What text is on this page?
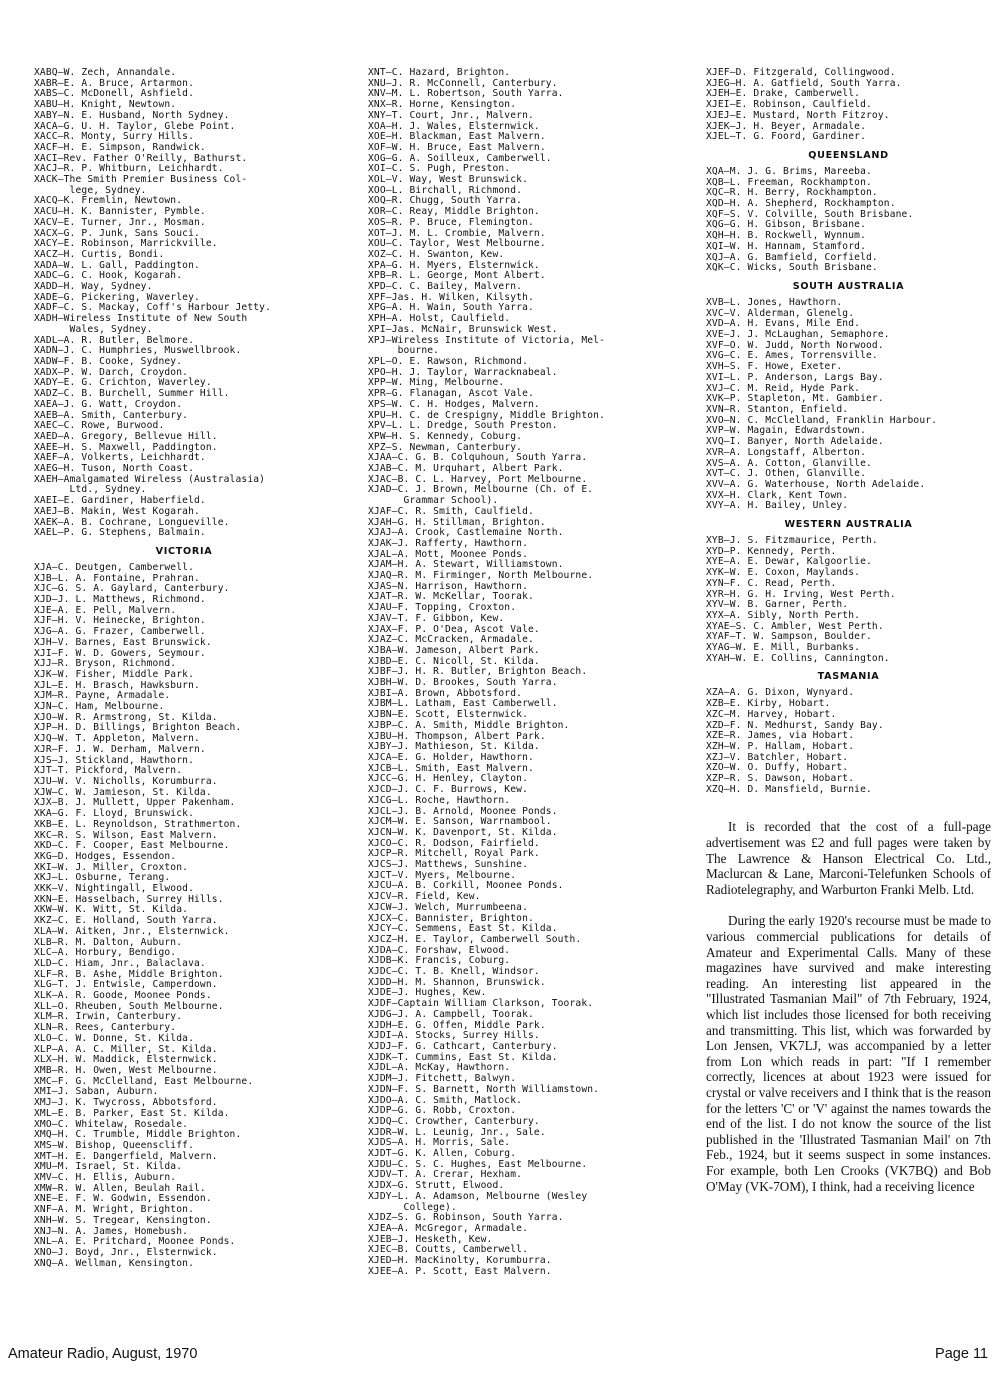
XABQ—W. Zech, Annandale.
XABR—E. A. Bruce, Artarmon.
XABS—C. McDonell, Ashfield.
XABU—H. Knight, Newtown.
XABY—N. E. Husband, North Sydney.
XACA—G. U. H. Taylor, Glebe Point.
XACC—R. Monty, Surry Hills.
XACF—H. E. Simpson, Randwick.
XACI—Rev. Father O'Reilly, Bathurst.
XACJ—R. P. Whitburn, Leichhardt.
XACK—The Smith Premier Business Col-
lege, Sydney.
XACQ—K. Fremlin, Newtown.
XACU—H. K. Bannister, Pymble.
XACV—E. Turner, Jnr., Mosman.
XACX—G. P. Junk, Sans Souci.
XACY—E. Robinson, Marrickville.
XACZ—H. Curtis, Bondi.
XADA—W. L. Gall, Paddington.
XADC—G. C. Hook, Kogarah.
XADD—H. Way, Sydney.
XADE—G. Pickering, Waverley.
XADF—C. S. Mackay, Coff's Harbour Jetty.
XADH—Wireless Institute of New South
Wales, Sydney.
XADL—A. R. Butler, Belmore.
XADN—J. C. Humphries, Muswellbrook.
XADW—F. B. Cooke, Sydney.
XADX—P. W. Darch, Croydon.
XADY—E. G. Crichton, Waverley.
XADZ—C. B. Burchell, Summer Hill.
XAEA—J. G. Watt, Croydon.
XAEB—A. Smith, Canterbury.
XAEC—C. Rowe, Burwood.
XAED—A. Gregory, Bellevue Hill.
XAEE—H. S. Maxwell, Paddington.
XAEF—A. Volkerts, Leichhardt.
XAEG—H. Tuson, North Coast.
XAEH—Amalgamated Wireless (Australasia)
Ltd., Sydney.
XAEI—E. Gardiner, Haberfield.
XAEJ—B. Makin, West Kogarah.
XAEK—A. B. Cochrane, Longueville.
XAEL—P. G. Stephens, Balmain.
VICTORIA
XJA—C. Deutgen, Camberwell.
XJB—L. A. Fontaine, Prahran.
XJC—G. S. A. Gaylard, Canterbury.
XJD—J. L. Matthews, Richmond.
XJE—A. E. Pell, Malvern.
XJF—H. V. Heinecke, Brighton.
XJG—A. G. Frazer, Camberwell.
XJH—V. Barnes, East Brunswick.
XJI—F. W. D. Gowers, Seymour.
XJJ—R. Bryson, Richmond.
XJK—W. Fisher, Middle Park.
XJL—E. H. Brasch, Hawksburn.
XJM—R. Payne, Armadale.
XJN—C. Ham, Melbourne.
XJO—W. R. Armstrong, St. Kilda.
XJP—H. D. Billings, Brighton Beach.
XJQ—W. T. Appleton, Malvern.
XJR—F. J. W. Derham, Malvern.
XJS—J. Stickland, Hawthorn.
XJT—T. Pickford, Malvern.
XJU—W. V. Nicholls, Korumburra.
XJW—C. W. Jamieson, St. Kilda.
XJX—B. J. Mullett, Upper Pakenham.
XKA—G. F. Lloyd, Brunswick.
XKB—E. L. Reynoldson, Strathmerton.
XKC—R. S. Wilson, East Malvern.
XKD—C. F. Cooper, East Melbourne.
XKG—D. Hodges, Essendon.
XKI—W. J. Miller, Croxton.
XKJ—L. Osburne, Terang.
XKK—V. Nightingall, Elwood.
XKN—E. Hasselbach, Surrey Hills.
XKW—W. K. Witt, St. Kilda.
XKZ—C. E. Holland, South Yarra.
XLA—W. Aitken, Jnr., Elsternwick.
XLB—R. M. Dalton, Auburn.
XLC—A. Horbury, Bendigo.
XLD—C. Hiam, Jnr., Balaclava.
XLF—R. B. Ashe, Middle Brighton.
XLG—T. J. Entwisle, Camperdown.
XLK—A. R. Goode, Moonee Ponds.
XLL—O. Rheuben, South Melbourne.
XLM—R. Irwin, Canterbury.
XLN—R. Rees, Canterbury.
XLO—C. W. Donne, St. Kilda.
XLP—A. A. C. Miller, St. Kilda.
XLX—H. W. Maddick, Elsternwick.
XMB—R. H. Owen, West Melbourne.
XMC—F. G. McClelland, East Melbourne.
XMI—J. Saban, Auburn.
XMJ—J. K. Twycross, Abbotsford.
XML—E. B. Parker, East St. Kilda.
XMO—C. Whitelaw, Rosedale.
XMQ—H. C. Trumble, Middle Brighton.
XMS—W. Bishop, Queenscliff.
XMT—H. E. Dangerfield, Malvern.
XMU—M. Israel, St. Kilda.
XMV—C. H. Ellis, Auburn.
XMW—R. W. Allen, Beulah Rail.
XNE—E. F. W. Godwin, Essendon.
XNF—A. M. Wright, Brighton.
XNH—W. S. Tregear, Kensington.
XNJ—N. A. James, Homebush.
XNL—A. E. Pritchard, Moonee Ponds.
XNO—J. Boyd, Jnr., Elsternwick.
XNQ—A. Wellman, Kensington.
XNT—C. Hazard, Brighton.
XNU—J. R. McConnell, Canterbury.
XNV—M. L. Robertson, South Yarra.
XNX—R. Horne, Kensington.
XNY—T. Court, Jnr., Malvern.
XOA—H. J. Wales, Elsternwick.
XOE—H. Blackman, East Malvern.
XOF—W. H. Bruce, East Malvern.
XOG—G. A. Soilleux, Camberwell.
XOI—C. S. Pugh, Preston.
XOL—V. Way, West Brunswick.
XOO—L. Birchall, Richmond.
XOQ—R. Chugg, South Yarra.
XOR—C. Reay, Middle Brighton.
XOS—R. P. Bruce, Flemington.
XOT—J. M. L. Crombie, Malvern.
XOU—C. Taylor, West Melbourne.
XOZ—C. H. Swanton, Kew.
XPA—G. H. Myers, Elsternwick.
XPB—R. L. George, Mont Albert.
XPD—C. C. Bailey, Malvern.
XPF—Jas. H. Wilken, Kilsyth.
XPG—A. H. Wain, South Yarra.
XPH—A. Holst, Caulfield.
XPI—Jas. McNair, Brunswick West.
XPJ—Wireless Institute of Victoria, Mel-
bourne.
XPL—O. E. Rawson, Richmond.
XPO—H. J. Taylor, Warracknabeal.
XPP—W. Ming, Melbourne.
XPR—G. Flanagan, Ascot Vale.
XPS—W. C. H. Hodges, Malvern.
XPU—H. C. de Crespigny, Middle Brighton.
XPV—L. L. Dredge, South Preston.
XPW—H. S. Kennedy, Coburg.
XPZ—S. Newman, Canterbury.
XJAA—C. G. B. Colquhoun, South Yarra.
XJAB—C. M. Urquhart, Albert Park.
XJAC—B. C. L. Harvey, Port Melbourne.
XJAD—C. J. Brown, Melbourne (Ch. of E.
Grammar School).
XJAF—C. R. Smith, Caulfield.
XJAH—G. H. Stillman, Brighton.
XJAJ—A. Crook, Castlemaine North.
XJAK—J. Rafferty, Hawthorn.
XJAL—A. Mott, Moonee Ponds.
XJAM—H. A. Stewart, Williamstown.
XJAQ—R. M. Firminger, North Melbourne.
XJAS—N. Harrison, Hawthorn.
XJAT—R. W. McKellar, Toorak.
XJAU—F. Topping, Croxton.
XJAV—T. F. Gibbon, Kew.
XJAX—F. P. O'Dea, Ascot Vale.
XJAZ—C. McCracken, Armadale.
XJBA—W. Jameson, Albert Park.
XJBD—E. C. Nicoll, St. Kilda.
XJBF—J. H. R. Butler, Brighton Beach.
XJBH—W. D. Brookes, South Yarra.
XJBI—A. Brown, Abbotsford.
XJBM—L. Latham, East Camberwell.
XJBN—E. Scott, Elsternwick.
XJBP—C. A. Smith, Middle Brighton.
XJBU—H. Thompson, Albert Park.
XJBY—J. Mathieson, St. Kilda.
XJCA—E. G. Holder, Hawthorn.
XJCB—L. Smith, East Malvern.
XJCC—G. H. Henley, Clayton.
XJCD—J. C. F. Burrows, Kew.
XJCG—L. Roche, Hawthorn.
XJCL—J. B. Arnold, Moonee Ponds.
XJCM—W. E. Sanson, Warrnambool.
XJCN—W. K. Davenport, St. Kilda.
XJCO—C. R. Dodson, Fairfield.
XJCP—R. Mitchell, Royal Park.
XJCS—J. Matthews, Sunshine.
XJCT—V. Myers, Melbourne.
XJCU—A. B. Corkill, Moonee Ponds.
XJCV—R. Field, Kew.
XJCW—J. Welch, Murrumbeena.
XJCX—C. Bannister, Brighton.
XJCY—C. Semmens, East St. Kilda.
XJCZ—H. E. Taylor, Camberwell South.
XJDA—C. Forshaw, Elwood.
XJDB—K. Francis, Coburg.
XJDC—C. T. B. Knell, Windsor.
XJDD—H. M. Shannon, Brunswick.
XJDE—J. Hughes, Kew.
XJDF—Captain William Clarkson, Toorak.
XJDG—J. A. Campbell, Toorak.
XJDH—E. G. Offen, Middle Park.
XJDI—A. Stocks, Surrey Hills.
XJDJ—F. G. Cathcart, Canterbury.
XJDK—T. Cummins, East St. Kilda.
XJDL—A. McKay, Hawthorn.
XJDM—J. Fitchett, Balwyn.
XJDN—F. S. Barnett, North Williamstown.
XJDO—A. C. Smith, Matlock.
XJDP—G. G. Robb, Croxton.
XJDQ—C. Crowther, Canterbury.
XJDR—W. L. Leunig, Jnr., Sale.
XJDS—A. H. Morris, Sale.
XJDT—G. K. Allen, Coburg.
XJDU—C. S. C. Hughes, East Melbourne.
XJDV—T. A. Crerar, Hexham.
XJDX—G. Strutt, Elwood.
XJDY—L. A. Adamson, Melbourne (Wesley
College).
XJDZ—S. G. Robinson, South Yarra.
XJEA—A. McGregor, Armadale.
XJEB—J. Hesketh, Kew.
XJEC—B. Coutts, Camberwell.
XJED—H. MacKinolty, Korumburra.
XJEE—A. P. Scott, East Malvern.
XJEF—D. Fitzgerald, Collingwood.
XJEG—H. A. Gatfield, South Yarra.
XJEH—E. Drake, Camberwell.
XJEI—E. Robinson, Caulfield.
XJEJ—E. Mustard, North Fitzroy.
XJEK—J. H. Beyer, Armadale.
XJEL—T. G. Foord, Gardiner.
QUEENSLAND
XQA—M. J. G. Brims, Mareeba.
XQB—L. Freeman, Rockhampton.
XQC—R. H. Berry, Rockhampton.
XQD—H. A. Shepherd, Rockhampton.
XQF—S. V. Colville, South Brisbane.
XQG—G. H. Gibson, Brisbane.
XQH—H. B. Rockwell, Wynnum.
XQI—W. H. Hannam, Stamford.
XQJ—A. G. Bamfield, Corfield.
XQK—C. Wicks, South Brisbane.
SOUTH AUSTRALIA
XVB—L. Jones, Hawthorn.
XVC—V. Alderman, Glenelg.
XVD—A. H. Evans, Mile End.
XVE—J. J. McLaughan, Semaphore.
XVF—O. W. Judd, North Norwood.
XVG—C. E. Ames, Torrensville.
XVH—S. F. Howe, Exeter.
XVI—L. P. Anderson, Largs Bay.
XVJ—C. M. Reid, Hyde Park.
XVK—P. Stapleton, Mt. Gambier.
XVN—R. Stanton, Enfield.
XVO—N. C. McClelland, Franklin Harbour.
XVP—W. Magain, Edwardstown.
XVQ—I. Banyer, North Adelaide.
XVR—A. Longstaff, Alberton.
XVS—A. A. Cotton, Glanville.
XVT—C. J. Othen, Glanville.
XVV—A. G. Waterhouse, North Adelaide.
XVX—H. Clark, Kent Town.
XVY—A. H. Bailey, Unley.
WESTERN AUSTRALIA
XYB—J. S. Fitzmaurice, Perth.
XYD—P. Kennedy, Perth.
XYE—A. E. Dewar, Kalgoorlie.
XYK—W. E. Coxon, Maylands.
XYN—F. C. Read, Perth.
XYR—H. G. H. Irving, West Perth.
XYV—W. B. Garner, Perth.
XYX—A. Sibly, North Perth.
XYAE—S. C. Ambler, West Perth.
XYAF—T. W. Sampson, Boulder.
XYAG—W. E. Mill, Burbanks.
XYAH—W. E. Collins, Cannington.
TASMANIA
XZA—A. G. Dixon, Wynyard.
XZB—E. Kirby, Hobart.
XZC—M. Harvey, Hobart.
XZD—F. N. Medhurst, Sandy Bay.
XZE—R. James, via Hobart.
XZH—W. P. Hallam, Hobart.
XZJ—V. Batchler, Hobart.
XZO—W. O. Duffy, Hobart.
XZP—R. S. Dawson, Hobart.
XZQ—H. D. Mansfield, Burnie.

It is recorded that the cost of a full-page advertisement was £2 and full pages were taken by The Lawrence & Hanson Electrical Co. Ltd., Maclurcan & Lane, Marconi-Telefunken Schools of Radiotelegraphy, and Warburton Franki Melb. Ltd.

During the early 1920's recourse must be made to various commercial publications for details of Amateur and Experimental Calls. Many of these magazines have survived and make interesting reading. An interesting list appeared in the "Illustrated Tasmanian Mail" of 7th February, 1924, which list includes those licensed for both receiving and transmitting. This list, which was forwarded by Lon Jensen, VK7LJ, was accompanied by a letter from Lon which reads in part: "If I remember correctly, licences at about 1923 were issued for crystal or valve receivers and I think that is the reason for the letters 'C' or 'V' against the names towards the end of the list. I do not know the source of the list published in the 'Illustrated Tasmanian Mail' on 7th Feb., 1924, but it seems suspect in some instances. For example, both Len Crooks (VK7BQ) and Bob O'May (VK-7OM), I think, had a receiving licence

Amateur Radio, August, 1970	Page 11
